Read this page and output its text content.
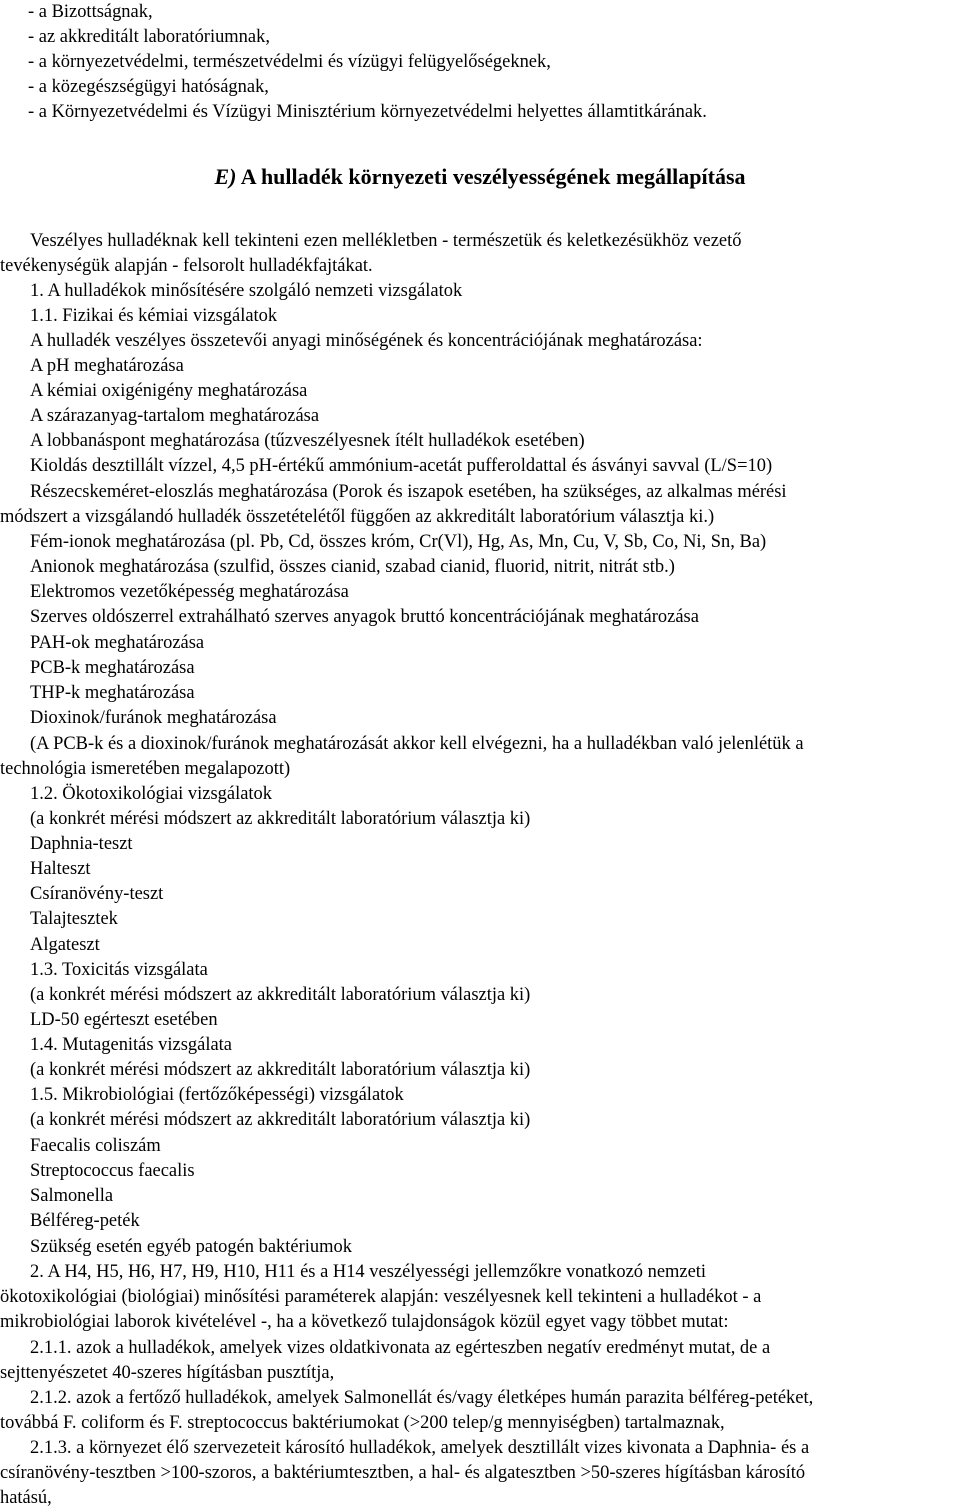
- a Bizottságnak,
- az akkreditált laboratóriumnak,
- a környezetvédelmi, természetvédelmi és vízügyi felügyelőségeknek,
- a közegészségügyi hatóságnak,
- a Környezetvédelmi és Vízügyi Minisztérium környezetvédelmi helyettes államtitkárának.
E) A hulladék környezeti veszélyességének megállapítása
Veszélyes hulladéknak kell tekinteni ezen mellékletben - természetük és keletkezésükhöz vezető
tevékenységük alapján - felsorolt hulladékfajtákat.
1. A hulladékok minősítésére szolgáló nemzeti vizsgálatok
1.1. Fizikai és kémiai vizsgálatok
A hulladék veszélyes összetevői anyagi minőségének és koncentrációjának meghatározása:
A pH meghatározása
A kémiai oxigénigény meghatározása
A szárazanyag-tartalom meghatározása
A lobbanáspont meghatározása (tűzveszélyesnek ítélt hulladékok esetében)
Kioldás desztillált vízzel, 4,5 pH-értékű ammónium-acetát pufferoldattal és ásványi savval (L/S=10)
Részecskeméret-eloszlás meghatározása (Porok és iszapok esetében, ha szükséges, az alkalmas mérési
módszert a vizsgálandó hulladék összetételétől függően az akkreditált laboratórium választja ki.)
Fém-ionok meghatározása (pl. Pb, Cd, összes króm, Cr(Vl), Hg, As, Mn, Cu, V, Sb, Co, Ni, Sn, Ba)
Anionok meghatározása (szulfid, összes cianid, szabad cianid, fluorid, nitrit, nitrát stb.)
Elektromos vezetőképesség meghatározása
Szerves oldószerrel extrahálható szerves anyagok bruttó koncentrációjának meghatározása
PAH-ok meghatározása
PCB-k meghatározása
THP-k meghatározása
Dioxinok/furánok meghatározása
(A PCB-k és a dioxinok/furánok meghatározását akkor kell elvégezni, ha a hulladékban való jelenlétük a
technológia ismeretében megalapozott)
1.2. Ökotoxikológiai vizsgálatok
(a konkrét mérési módszert az akkreditált laboratórium választja ki)
Daphnia-teszt
Halteszt
Csíranövény-teszt
Talajtesztek
Algateszt
1.3. Toxicitás vizsgálata
(a konkrét mérési módszert az akkreditált laboratórium választja ki)
LD-50 egérteszt esetében
1.4. Mutagenitás vizsgálata
(a konkrét mérési módszert az akkreditált laboratórium választja ki)
1.5. Mikrobiológiai (fertőzőképességi) vizsgálatok
(a konkrét mérési módszert az akkreditált laboratórium választja ki)
Faecalis coliszám
Streptococcus faecalis
Salmonella
Bélféreg-peték
Szükség esetén egyéb patogén baktériumok
2. A H4, H5, H6, H7, H9, H10, H11 és a H14 veszélyességi jellemzőkre vonatkozó nemzeti
ökotoxikológiai (biológiai) minősítési paraméterek alapján: veszélyesnek kell tekinteni a hulladékot - a
mikrobiológiai laborok kivételével -, ha a következő tulajdonságok közül egyet vagy többet mutat:
2.1.1. azok a hulladékok, amelyek vizes oldatkivonata az egérteszben negatív eredményt mutat, de a
sejttenyészetet 40-szeres hígításban pusztítja,
2.1.2. azok a fertőző hulladékok, amelyek Salmonellát és/vagy életképes humán parazita bélféreg-petéket,
továbbá F. coliform és F. streptococcus baktériumokat (>200 telep/g mennyiségben) tartalmaznak,
2.1.3. a környezet élő szervezeteit károsító hulladékok, amelyek desztillált vizes kivonata a Daphnia- és a
csíranövény-tesztben >100-szoros, a baktériumtesztben, a hal- és algatesztben >50-szeres hígításban károsító
hatású,
